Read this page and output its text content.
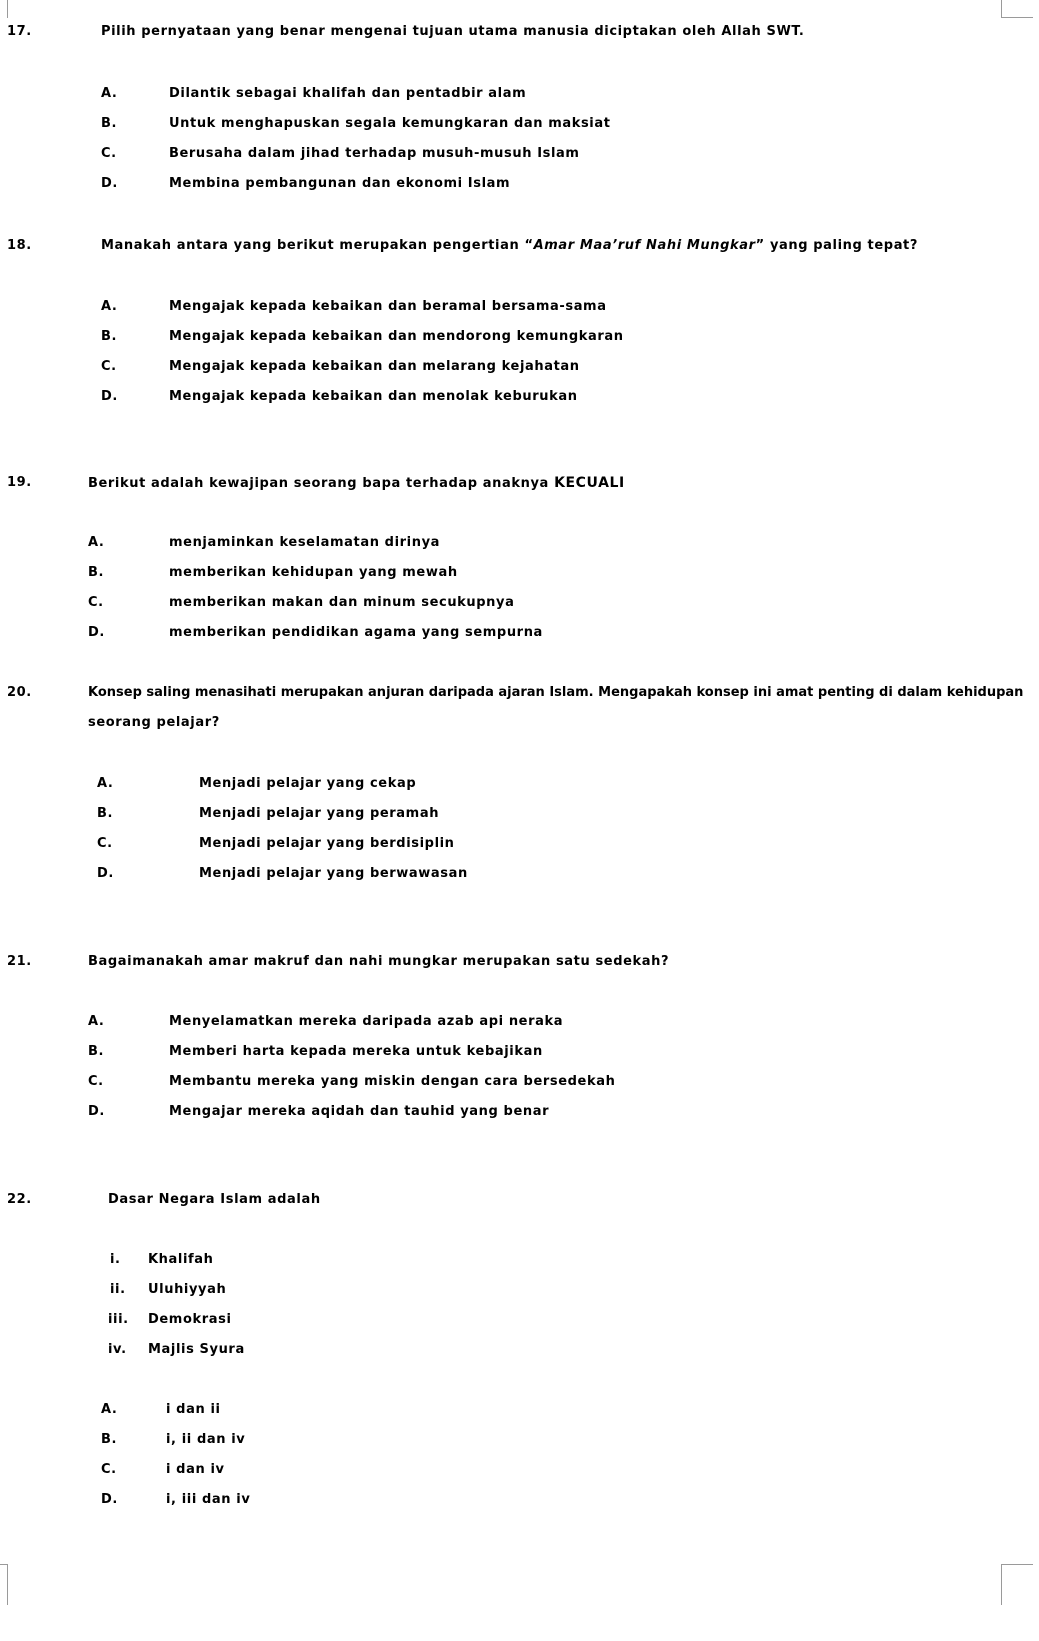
17.	Pilih pernyataan yang benar mengenai tujuan utama manusia diciptakan oleh Allah SWT.
A.	Dilantik sebagai khalifah dan pentadbir alam
B.	Untuk menghapuskan segala kemungkaran dan maksiat
C.	Berusaha dalam jihad terhadap musuh-musuh Islam
D.	Membina pembangunan dan ekonomi Islam
18.	Manakah antara yang berikut merupakan pengertian “Amar Maa’ruf Nahi Mungkar” yang paling tepat?
A.	Mengajak kepada kebaikan dan beramal bersama-sama
B.	Mengajak kepada kebaikan dan mendorong kemungkaran
C.	Mengajak kepada kebaikan dan melarang kejahatan
D.	Mengajak kepada kebaikan dan menolak keburukan
19.	Berikut adalah kewajipan seorang bapa terhadap anaknya KECUALI
A.	menjaminkan keselamatan dirinya
B.	memberikan kehidupan yang mewah
C.	memberikan makan dan minum secukupnya
D.	memberikan pendidikan agama yang sempurna
20.	Konsep saling menasihati merupakan anjuran daripada ajaran Islam. Mengapakah konsep ini amat penting di dalam kehidupan
seorang pelajar?
A.	Menjadi pelajar yang cekap
B.	Menjadi pelajar yang peramah
C.	Menjadi pelajar yang berdisiplin
D.	Menjadi pelajar yang berwawasan
21.	Bagaimanakah amar makruf dan nahi mungkar merupakan satu sedekah?
A.	Menyelamatkan mereka daripada azab api neraka
B.	Memberi harta kepada mereka untuk kebajikan
C.	Membantu mereka yang miskin dengan cara bersedekah
D.	Mengajar mereka aqidah dan tauhid yang benar
22.	Dasar Negara Islam adalah
i. Khalifah
ii. Uluhiyyah
iii. Demokrasi
iv. Majlis Syura
A.	i dan ii
B.	i, ii dan iv
C.	i dan iv
D.	i, iii dan iv
